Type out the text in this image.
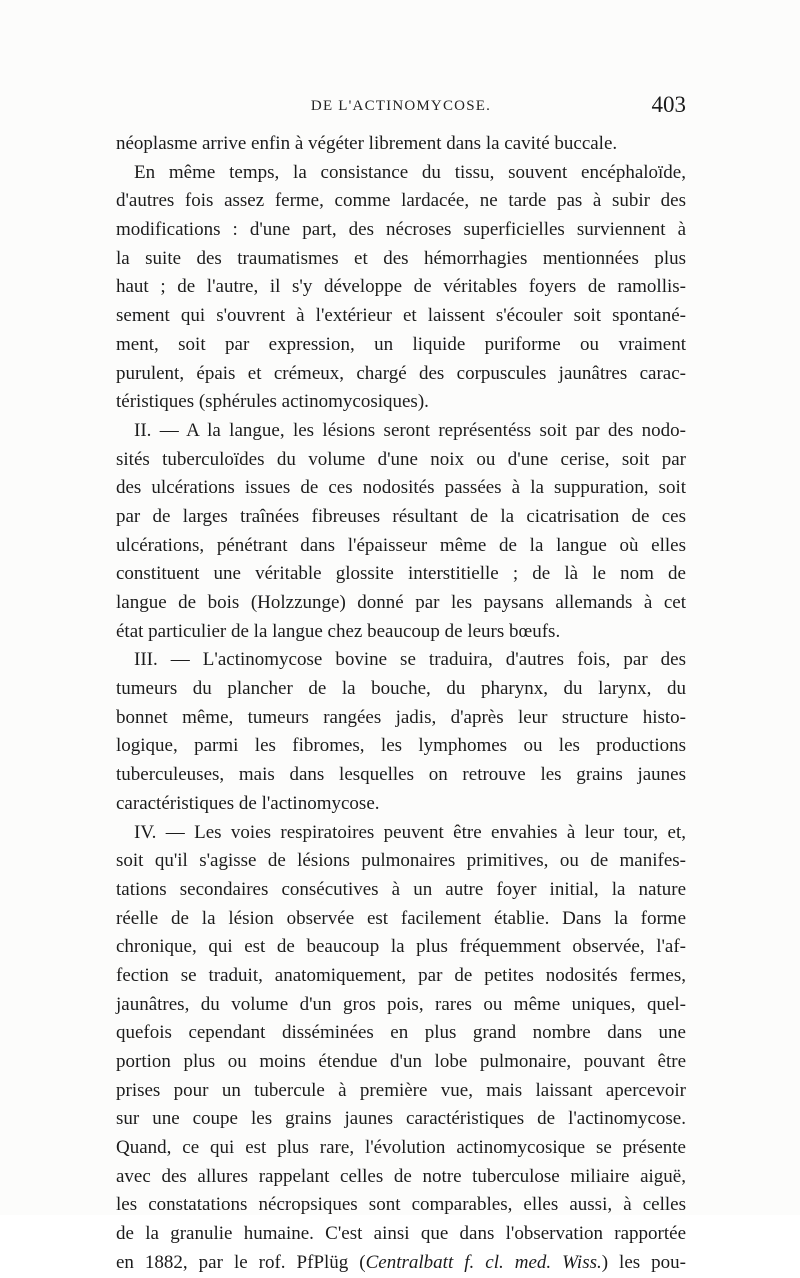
DE L'ACTINOMYCOSE.	403
néoplasme arrive enfin à végéter librement dans la cavité buccale.
En même temps, la consistance du tissu, souvent encéphaloïde,
d'autres fois assez ferme, comme lardacée, ne tarde pas à subir des
modifications : d'une part, des nécroses superficielles surviennent à
la suite des traumatismes et des hémorrhagies mentionnées plus
haut ; de l'autre, il s'y développe de véritables foyers de ramollis-
sement qui s'ouvrent à l'extérieur et laissent s'écouler soit spontané-
ment, soit par expression, un liquide puriforme ou vraiment
purulent, épais et crémeux, chargé des corpuscules jaunâtres carac-
téristiques (sphérules actinomycosiques).
II. — A la langue, les lésions seront représentéss soit par des nodo-
sités tuberculoïdes du volume d'une noix ou d'une cerise, soit par
des ulcérations issues de ces nodosités passées à la suppuration, soit
par de larges traînées fibreuses résultant de la cicatrisation de ces
ulcérations, pénétrant dans l'épaisseur même de la langue où elles
constituent une véritable glossite interstitielle ; de là le nom de
langue de bois (Holzzunge) donné par les paysans allemands à cet
état particulier de la langue chez beaucoup de leurs bœufs.
III. — L'actinomycose bovine se traduira, d'autres fois, par des
tumeurs du plancher de la bouche, du pharynx, du larynx, du
bonnet même, tumeurs rangées jadis, d'après leur structure histo-
logique, parmi les fibromes, les lymphomes ou les productions
tuberculeuses, mais dans lesquelles on retrouve les grains jaunes
caractéristiques de l'actinomycose.
IV. — Les voies respiratoires peuvent être envahies à leur tour, et,
soit qu'il s'agisse de lésions pulmonaires primitives, ou de manifes-
tations secondaires consécutives à un autre foyer initial, la nature
réelle de la lésion observée est facilement établie. Dans la forme
chronique, qui est de beaucoup la plus fréquemment observée, l'af-
fection se traduit, anatomiquement, par de petites nodosités fermes,
jaunâtres, du volume d'un gros pois, rares ou même uniques, quel-
quefois cependant disséminées en plus grand nombre dans une
portion plus ou moins étendue d'un lobe pulmonaire, pouvant être
prises pour un tubercule à première vue, mais laissant apercevoir
sur une coupe les grains jaunes caractéristiques de l'actinomycose.
Quand, ce qui est plus rare, l'évolution actinomycosique se présente
avec des allures rappelant celles de notre tuberculose miliaire aiguë,
les constatations nécropsiques sont comparables, elles aussi, à celles
de la granulie humaine. C'est ainsi que dans l'observation rapportée
en 1882, par le rof. PfPlüg (Centralbatt f. cl. med. Wiss.) les pou-
